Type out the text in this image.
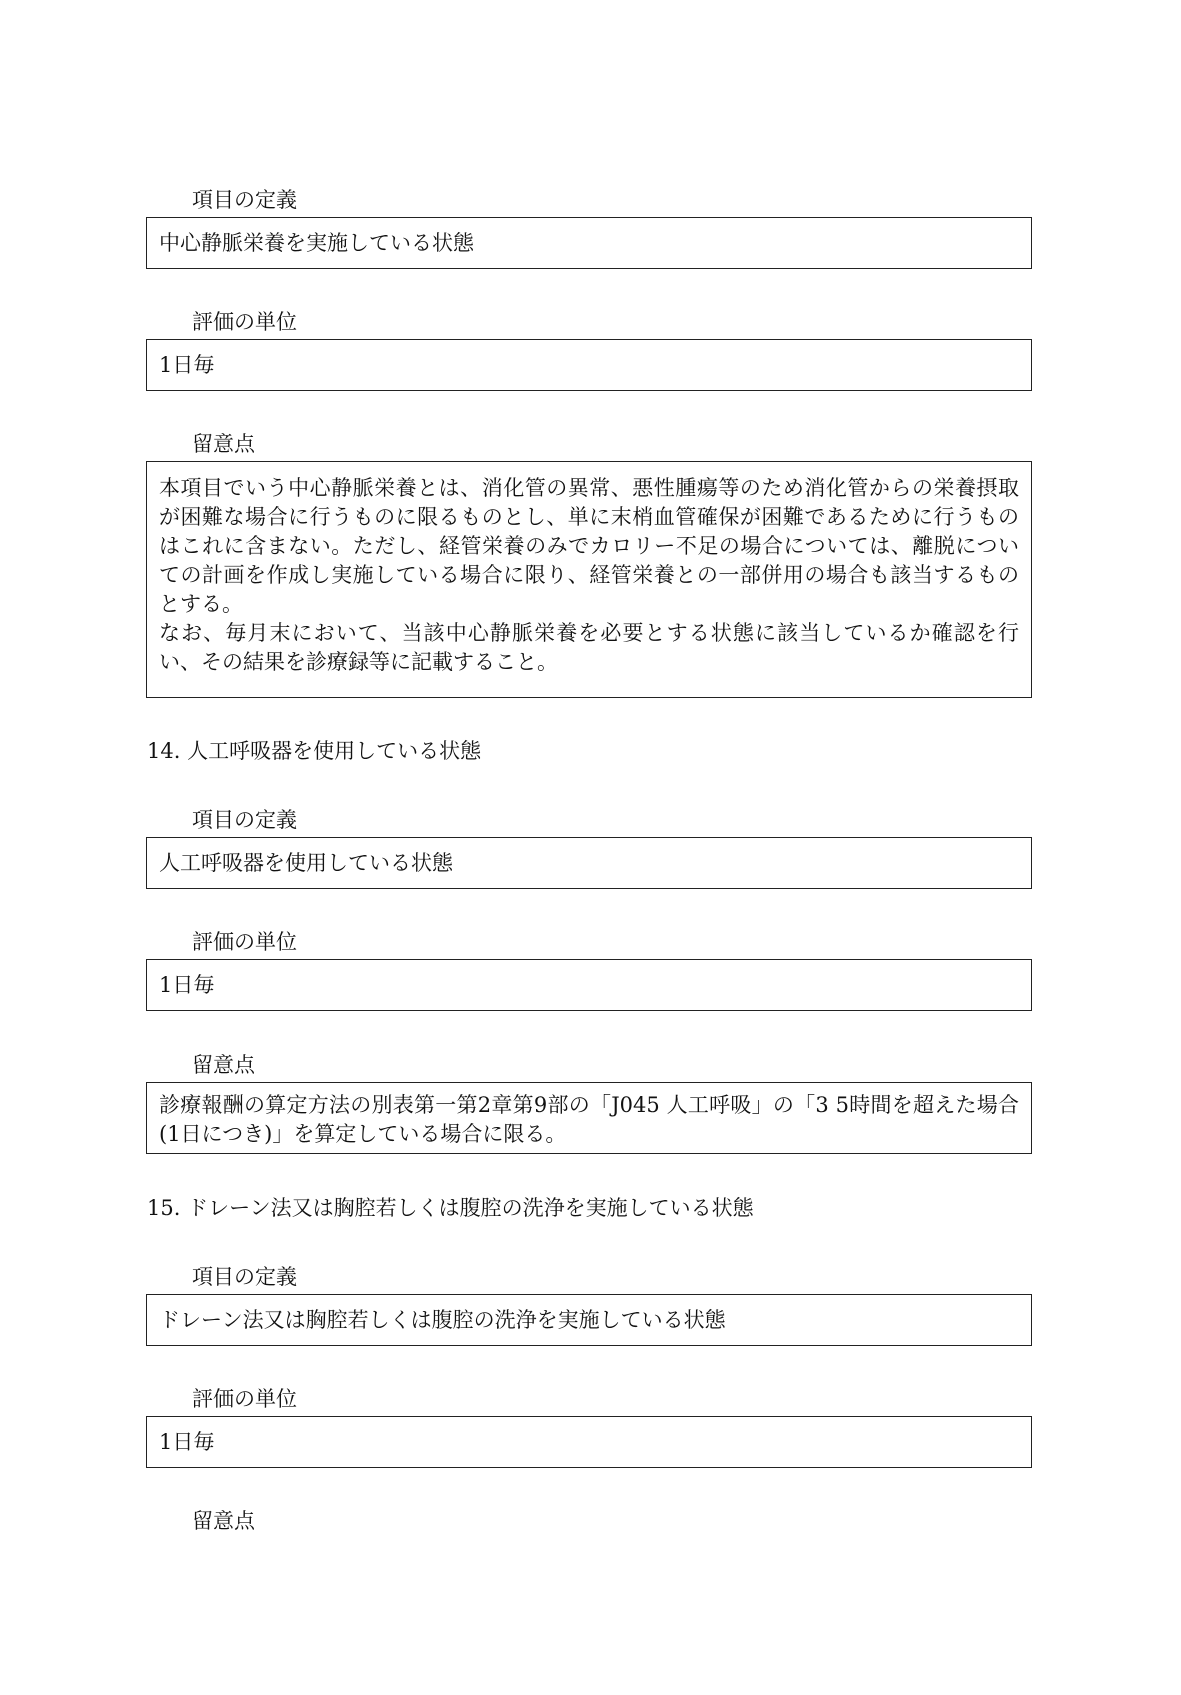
項目の定義
中心静脈栄養を実施している状態
評価の単位
1日毎
留意点

本項目でいう中心静脈栄養とは、消化管の異常、悪性腫瘍等のため消化管からの栄養摂取が困難な場合に行うものに限るものとし、単に末梢血管確保が困難であるために行うものはこれに含まない。ただし、経管栄養のみでカロリー不足の場合については、離脱についての計画を作成し実施している場合に限り、経管栄養との一部併用の場合も該当するものとする。

なお、毎月末において、当該中心静脈栄養を必要とする状態に該当しているか確認を行い、その結果を診療録等に記載すること。

14. 人工呼吸器を使用している状態
項目の定義
人工呼吸器を使用している状態
評価の単位
1日毎
留意点

診療報酬の算定方法の別表第一第2章第9部の「J045 人工呼吸」の「3 5時間を超えた場合(1日につき)」を算定している場合に限る。

15. ドレーン法又は胸腔若しくは腹腔の洗浄を実施している状態
項目の定義
ドレーン法又は胸腔若しくは腹腔の洗浄を実施している状態
評価の単位
1日毎
留意点
